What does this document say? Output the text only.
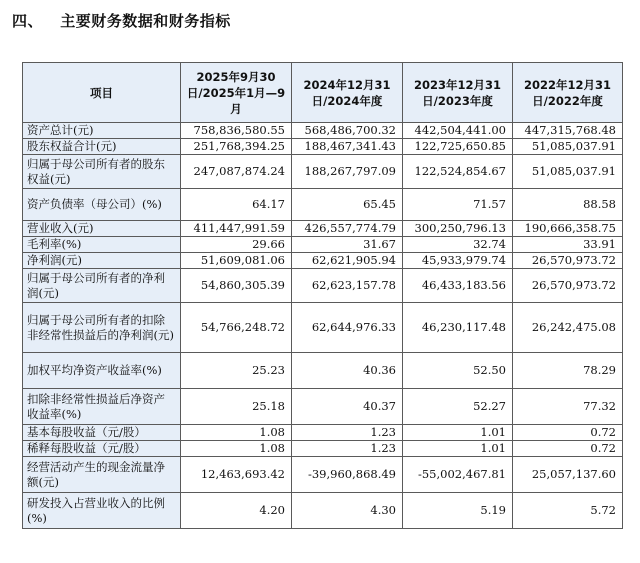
四、 主要财务数据和财务指标
项目	2025年9月30日/2025年1月—9月	2024年12月31日/2024年度	2023年12月31日/2023年度	2022年12月31日/2022年度
资产总计(元)	758,836,580.55	568,486,700.32	442,504,441.00	447,315,768.48
股东权益合计(元)	251,768,394.25	188,467,341.43	122,725,650.85	51,085,037.91
归属于母公司所有者的股东权益(元)	247,087,874.24	188,267,797.09	122,524,854.67	51,085,037.91
资产负债率（母公司）(%)	64.17	65.45	71.57	88.58
营业收入(元)	411,447,991.59	426,557,774.79	300,250,796.13	190,666,358.75
毛利率(%)	29.66	31.67	32.74	33.91
净利润(元)	51,609,081.06	62,621,905.94	45,933,979.74	26,570,973.72
归属于母公司所有者的净利润(元)	54,860,305.39	62,623,157.78	46,433,183.56	26,570,973.72
归属于母公司所有者的扣除非经常性损益后的净利润(元)	54,766,248.72	62,644,976.33	46,230,117.48	26,242,475.08
加权平均净资产收益率(%)	25.23	40.36	52.50	78.29
扣除非经常性损益后净资产收益率(%)	25.18	40.37	52.27	77.32
基本每股收益（元/股）	1.08	1.23	1.01	0.72
稀释每股收益（元/股）	1.08	1.23	1.01	0.72
经营活动产生的现金流量净额(元)	12,463,693.42	-39,960,868.49	-55,002,467.81	25,057,137.60
研发投入占营业收入的比例(%)	4.20	4.30	5.19	5.72
